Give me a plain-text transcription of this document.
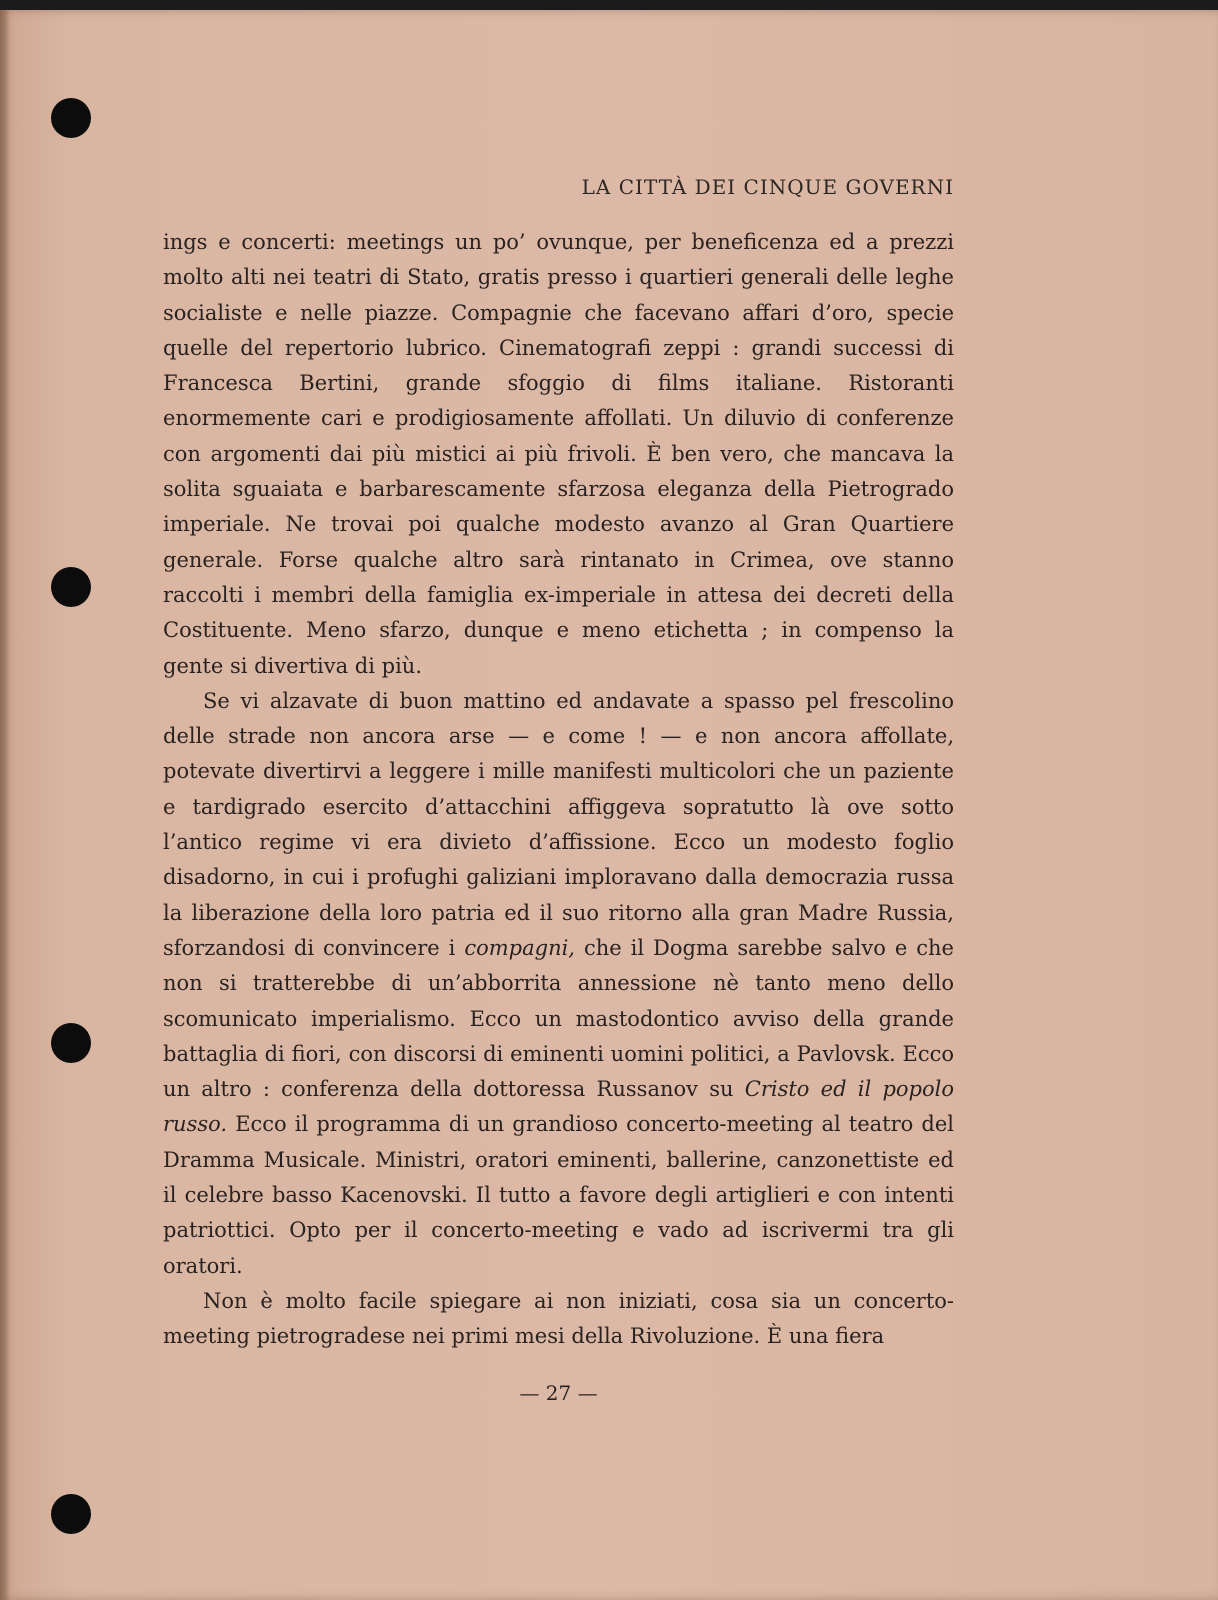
LA CITTÀ DEI CINQUE GOVERNI

ings e concerti: meetings un po’ ovunque, per beneficenza ed a prezzi molto alti nei teatri di Stato, gratis presso i quartieri generali delle leghe socialiste e nelle piazze. Compagnie che facevano affari d’oro, specie quelle del repertorio lubrico. Cinematografi zeppi : grandi successi di Francesca Bertini, grande sfoggio di films italiane. Ristoranti enormemente cari e prodigiosamente affollati. Un diluvio di conferenze con argomenti dai più mistici ai più frivoli. È ben vero, che mancava la solita sguaiata e barbarescamente sfarzosa eleganza della Pietrogrado imperiale. Ne trovai poi qualche modesto avanzo al Gran Quartiere generale. Forse qualche altro sarà rintanato in Crimea, ove stanno raccolti i membri della famiglia ex-imperiale in attesa dei decreti della Costituente. Meno sfarzo, dunque e meno etichetta ; in compenso la gente si divertiva di più.

Se vi alzavate di buon mattino ed andavate a spasso pel frescolino delle strade non ancora arse — e come ! — e non ancora affollate, potevate divertirvi a leggere i mille manifesti multicolori che un paziente e tardigrado esercito d’attacchini affiggeva sopratutto là ove sotto l’antico regime vi era divieto d’affissione. Ecco un modesto foglio disadorno, in cui i profughi galiziani imploravano dalla democrazia russa la liberazione della loro patria ed il suo ritorno alla gran Madre Russia, sforzandosi di convincere i compagni, che il Dogma sarebbe salvo e che non si tratterebbe di un’abborrita annessione nè tanto meno dello scomunicato imperialismo. Ecco un mastodontico avviso della grande battaglia di fiori, con discorsi di eminenti uomini politici, a Pavlovsk. Ecco un altro : conferenza della dottoressa Russanov su Cristo ed il popolo russo. Ecco il programma di un grandioso concerto-meeting al teatro del Dramma Musicale. Ministri, oratori eminenti, ballerine, canzonettiste ed il celebre basso Kacenovski. Il tutto a favore degli artiglieri e con intenti patriottici. Opto per il concerto-meeting e vado ad iscrivermi tra gli oratori.

Non è molto facile spiegare ai non iniziati, cosa sia un concerto-meeting pietrogradese nei primi mesi della Rivoluzione. È una fiera

— 27 —
